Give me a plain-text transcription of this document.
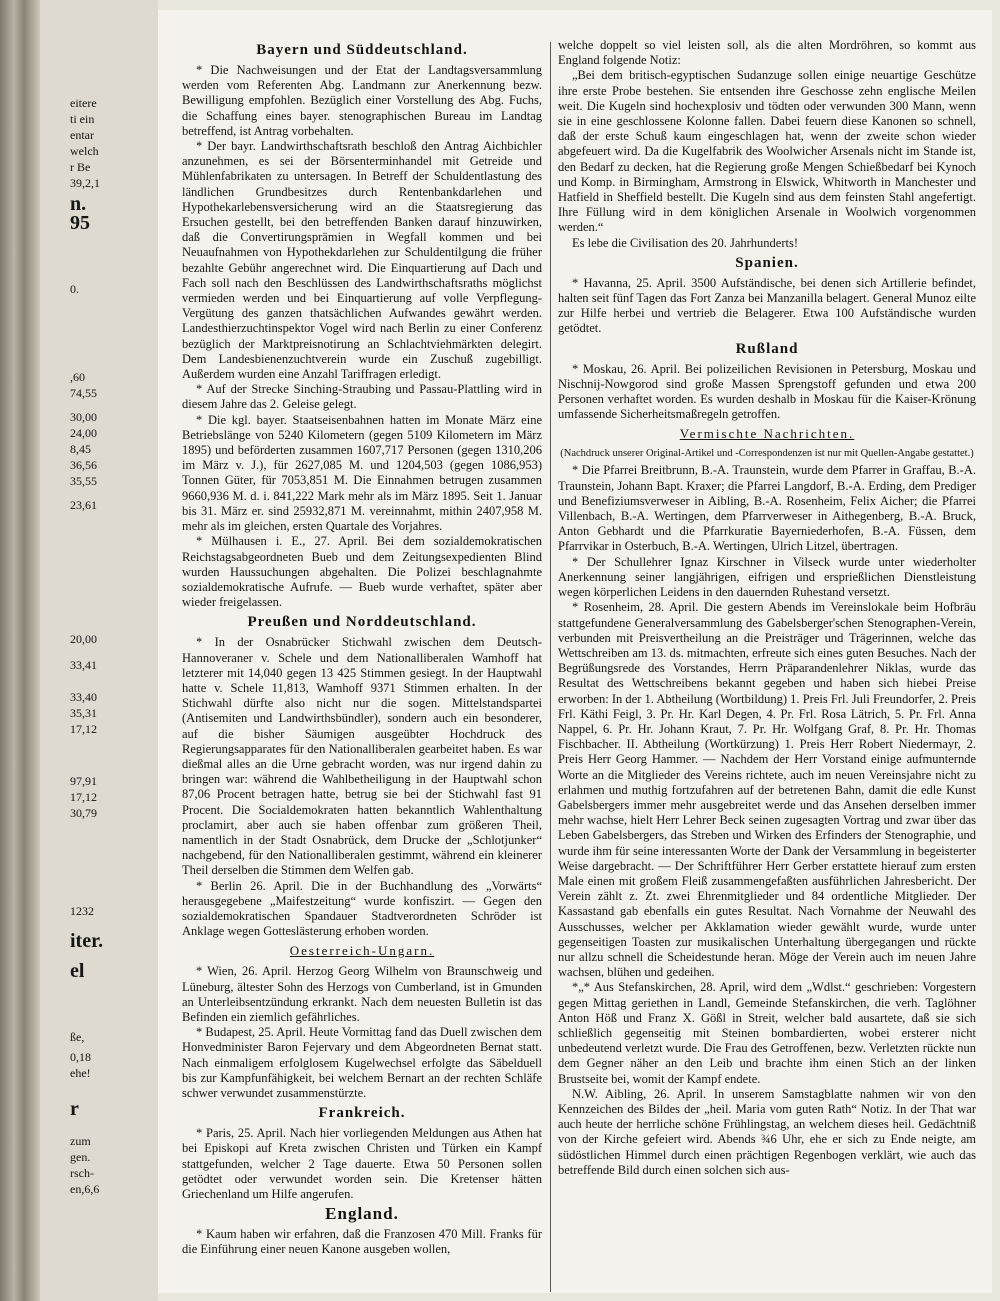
eitere
ti ein
entar
welch
r Be
39,2,1
n.
95
0.
,60
74,55
30,00
24,00
8,45
36,56
35,55
23,61
20,00
33,41
33,40
35,31
17,12
97,91
17,12
30,79
1232
iter.
el
ße,
0,18
ehe!
r
zum
gen.
rsch-
en,6,6
Bayern und Süddeutschland.

* Die Nachweisungen und der Etat der Landtagsversammlung werden vom Referenten Abg. Landmann zur Anerkennung bezw. Bewilligung empfohlen. Bezüglich einer Vorstellung des Abg. Fuchs, die Schaffung eines bayer. stenographischen Bureau im Landtag betreffend, ist Antrag vorbehalten.

* Der bayr. Landwirthschaftsrath beschloß den Antrag Aichbichler anzunehmen, es sei der Börsenterminhandel mit Getreide und Mühlenfabrikaten zu untersagen. In Betreff der Schuldentlastung des ländlichen Grundbesitzes durch Rentenbankdarlehen und Hypothekarlebensversicherung wird an die Staatsregierung das Ersuchen gestellt, bei den betreffenden Banken darauf hinzuwirken, daß die Convertirungsprämien in Wegfall kommen und bei Neuaufnahmen von Hypothekdarlehen zur Schuldentilgung die früher bezahlte Gebühr angerechnet wird. Die Einquartierung auf Dach und Fach soll nach den Beschlüssen des Landwirthschaftsraths möglichst vermieden werden und bei Einquartierung auf volle Verpflegung-Vergütung des ganzen thatsächlichen Aufwandes gewährt werden. Landesthierzuchtinspektor Vogel wird nach Berlin zu einer Conferenz bezüglich der Marktpreisnotirung an Schlachtviehmärkten delegirt. Dem Landesbienenzuchtverein wurde ein Zuschuß zugebilligt. Außerdem wurden eine Anzahl Tariffragen erledigt.

* Auf der Strecke Sinching-Straubing und Passau-Plattling wird in diesem Jahre das 2. Geleise gelegt.

* Die kgl. bayer. Staatseisenbahnen hatten im Monate März eine Betriebslänge von 5240 Kilometern (gegen 5109 Kilometern im März 1895) und beförderten zusammen 1607,717 Personen (gegen 1310,206 im März v. J.), für 2627,085 M. und 1204,503 (gegen 1086,953) Tonnen Güter, für 7053,851 M. Die Einnahmen betrugen zusammen 9660,936 M. d. i. 841,222 Mark mehr als im März 1895. Seit 1. Januar bis 31. März er. sind 25932,871 M. vereinnahmt, mithin 2407,958 M. mehr als im gleichen, ersten Quartale des Vorjahres.

* Mülhausen i. E., 27. April. Bei dem sozialdemokratischen Reichstagsabgeordneten Bueb und dem Zeitungsexpedienten Blind wurden Haussuchungen abgehalten. Die Polizei beschlagnahmte sozialdemokratische Aufrufe. — Bueb wurde verhaftet, später aber wieder freigelassen.

Preußen und Norddeutschland.

* In der Osnabrücker Stichwahl zwischen dem Deutsch-Hannoveraner v. Schele und dem Nationalliberalen Wamhoff hat letzterer mit 14,040 gegen 13 425 Stimmen gesiegt. In der Hauptwahl hatte v. Schele 11,813, Wamhoff 9371 Stimmen erhalten. In der Stichwahl dürfte also nicht nur die sogen. Mittelstandspartei (Antisemiten und Landwirthsbündler), sondern auch ein besonderer, auf die bisher Säumigen ausgeübter Hochdruck des Regierungsapparates für den Nationalliberalen gearbeitet haben. Es war dießmal alles an die Urne gebracht worden, was nur irgend dahin zu bringen war: während die Wahlbetheiligung in der Hauptwahl schon 87,06 Procent betragen hatte, betrug sie bei der Stichwahl fast 91 Procent. Die Socialdemokraten hatten bekanntlich Wahlenthaltung proclamirt, aber auch sie haben offenbar zum größeren Theil, namentlich in der Stadt Osnabrück, dem Drucke der „Schlotjunker“ nachgebend, für den Nationalliberalen gestimmt, während ein kleinerer Theil derselben die Stimmen dem Welfen gab.

* Berlin 26. April. Die in der Buchhandlung des „Vorwärts“ herausgegebene „Maifestzeitung“ wurde konfiszirt. — Gegen den sozialdemokratischen Spandauer Stadtverordneten Schröder ist Anklage wegen Gotteslästerung erhoben worden.

Oesterreich-Ungarn.

* Wien, 26. April. Herzog Georg Wilhelm von Braunschweig und Lüneburg, ältester Sohn des Herzogs von Cumberland, ist in Gmunden an Unterleibsentzündung erkrankt. Nach dem neuesten Bulletin ist das Befinden ein ziemlich gefährliches.

* Budapest, 25. April. Heute Vormittag fand das Duell zwischen dem Honvedminister Baron Fejervary und dem Abgeordneten Bernat statt. Nach einmaligem erfolglosem Kugelwechsel erfolgte das Säbelduell bis zur Kampfunfähigkeit, bei welchem Bernart an der rechten Schläfe schwer verwundet zusammenstürzte.

Frankreich.

* Paris, 25. April. Nach hier vorliegenden Meldungen aus Athen hat bei Episkopi auf Kreta zwischen Christen und Türken ein Kampf stattgefunden, welcher 2 Tage dauerte. Etwa 50 Personen sollen getödtet oder verwundet worden sein. Die Kretenser hätten Griechenland um Hilfe angerufen.

England.

* Kaum haben wir erfahren, daß die Franzosen 470 Mill. Franks für die Einführung einer neuen Kanone ausgeben wollen,

welche doppelt so viel leisten soll, als die alten Mordröhren, so kommt aus England folgende Notiz:

„Bei dem britisch-egyptischen Sudanzuge sollen einige neuartige Geschütze ihre erste Probe bestehen. Sie entsenden ihre Geschosse zehn englische Meilen weit. Die Kugeln sind hochexplosiv und tödten oder verwunden 300 Mann, wenn sie in eine geschlossene Kolonne fallen. Dabei feuern diese Kanonen so schnell, daß der erste Schuß kaum eingeschlagen hat, wenn der zweite schon wieder abgefeuert wird. Da die Kugelfabrik des Woolwicher Arsenals nicht im Stande ist, den Bedarf zu decken, hat die Regierung große Mengen Schießbedarf bei Kynoch und Komp. in Birmingham, Armstrong in Elswick, Whitworth in Manchester und Hatfield in Sheffield bestellt. Die Kugeln sind aus dem feinsten Stahl angefertigt. Ihre Füllung wird in dem königlichen Arsenale in Woolwich vorgenommen werden.“

Es lebe die Civilisation des 20. Jahrhunderts!

Spanien.

* Havanna, 25. April. 3500 Aufständische, bei denen sich Artillerie befindet, halten seit fünf Tagen das Fort Zanza bei Manzanilla belagert. General Munoz eilte zur Hilfe herbei und vertrieb die Belagerer. Etwa 100 Aufständische wurden getödtet.

Rußland

* Moskau, 26. April. Bei polizeilichen Revisionen in Petersburg, Moskau und Nischnij-Nowgorod sind große Massen Sprengstoff gefunden und etwa 200 Personen verhaftet worden. Es wurden deshalb in Moskau für die Kaiser-Krönung umfassende Sicherheitsmaßregeln getroffen.

Vermischte Nachrichten.
(Nachdruck unserer Original-Artikel und -Correspondenzen ist nur mit Quellen-Angabe gestattet.)

* Die Pfarrei Breitbrunn, B.-A. Traunstein, wurde dem Pfarrer in Graffau, B.-A. Traunstein, Johann Bapt. Kraxer; die Pfarrei Langdorf, B.-A. Erding, dem Prediger und Benefiziumsverweser in Aibling, B.-A. Rosenheim, Felix Aicher; die Pfarrei Villenbach, B.-A. Wertingen, dem Pfarrverweser in Aithegenberg, B.-A. Bruck, Anton Gebhardt und die Pfarrkuratie Bayerniederhofen, B.-A. Füssen, dem Pfarrvikar in Osterbuch, B.-A. Wertingen, Ulrich Litzel, übertragen.

* Der Schullehrer Ignaz Kirschner in Vilseck wurde unter wiederholter Anerkennung seiner langjährigen, eifrigen und ersprießlichen Dienstleistung wegen körperlichen Leidens in den dauernden Ruhestand versetzt.

* Rosenheim, 28. April. Die gestern Abends im Vereinslokale beim Hofbräu stattgefundene Generalversammlung des Gabelsberger'schen Stenographen-Verein, verbunden mit Preisvertheilung an die Preisträger und Trägerinnen, welche das Wettschreiben am 13. ds. mitmachten, erfreute sich eines guten Besuches. Nach der Begrüßungsrede des Vorstandes, Herrn Präparandenlehrer Niklas, wurde das Resultat des Wettschreibens bekannt gegeben und haben sich hiebei Preise erworben: In der 1. Abtheilung (Wortbildung) 1. Preis Frl. Juli Freundorfer, 2. Preis Frl. Käthi Feigl, 3. Pr. Hr. Karl Degen, 4. Pr. Frl. Rosa Lätrich, 5. Pr. Frl. Anna Nappel, 6. Pr. Hr. Johann Kraut, 7. Pr. Hr. Wolfgang Graf, 8. Pr. Hr. Thomas Fischbacher. II. Abtheilung (Wortkürzung) 1. Preis Herr Robert Niedermayr, 2. Preis Herr Georg Hammer. — Nachdem der Herr Vorstand einige aufmunternde Worte an die Mitglieder des Vereins richtete, auch im neuen Vereinsjahre nicht zu erlahmen und muthig fortzufahren auf der betretenen Bahn, damit die edle Kunst Gabelsbergers immer mehr ausgebreitet werde und das Ansehen derselben immer mehr wachse, hielt Herr Lehrer Beck seinen zugesagten Vortrag und zwar über das Leben Gabelsbergers, das Streben und Wirken des Erfinders der Stenographie, und wurde ihm für seine interessanten Worte der Dank der Versammlung in begeisterter Weise dargebracht. — Der Schriftführer Herr Gerber erstattete hierauf zum ersten Male einen mit großem Fleiß zusammengefaßten ausführlichen Jahresbericht. Der Verein zählt z. Zt. zwei Ehrenmitglieder und 84 ordentliche Mitglieder. Der Kassastand gab ebenfalls ein gutes Resultat. Nach Vornahme der Neuwahl des Ausschusses, welcher per Akklamation wieder gewählt wurde, wurde unter gegenseitigen Toasten zur musikalischen Unterhaltung übergegangen und rückte nur allzu schnell die Scheidestunde heran. Möge der Verein auch im neuen Jahre wachsen, blühen und gedeihen.

*„* Aus Stefanskirchen, 28. April, wird dem „Wdlst.“ geschrieben: Vorgestern gegen Mittag geriethen in Landl, Gemeinde Stefanskirchen, die verh. Taglöhner Anton Höß und Franz X. Gößl in Streit, welcher bald ausartete, daß sie sich schließlich gegenseitig mit Steinen bombardierten, wobei ersterer nicht unbedeutend verletzt wurde. Die Frau des Getroffenen, bezw. Verletzten rückte nun dem Gegner näher an den Leib und brachte ihm einen Stich an der linken Brustseite bei, womit der Kampf endete.

N.W. Aibling, 26. April. In unserem Samstagblatte nahmen wir von den Kennzeichen des Bildes der „heil. Maria vom guten Rath“ Notiz. In der That war auch heute der herrliche schöne Frühlingstag, an welchem dieses heil. Gedächtniß von der Kirche gefeiert wird. Abends ¾6 Uhr, ehe er sich zu Ende neigte, am südöstlichen Himmel durch einen prächtigen Regenbogen verklärt, wie auch das betreffende Bild durch einen solchen sich aus-
